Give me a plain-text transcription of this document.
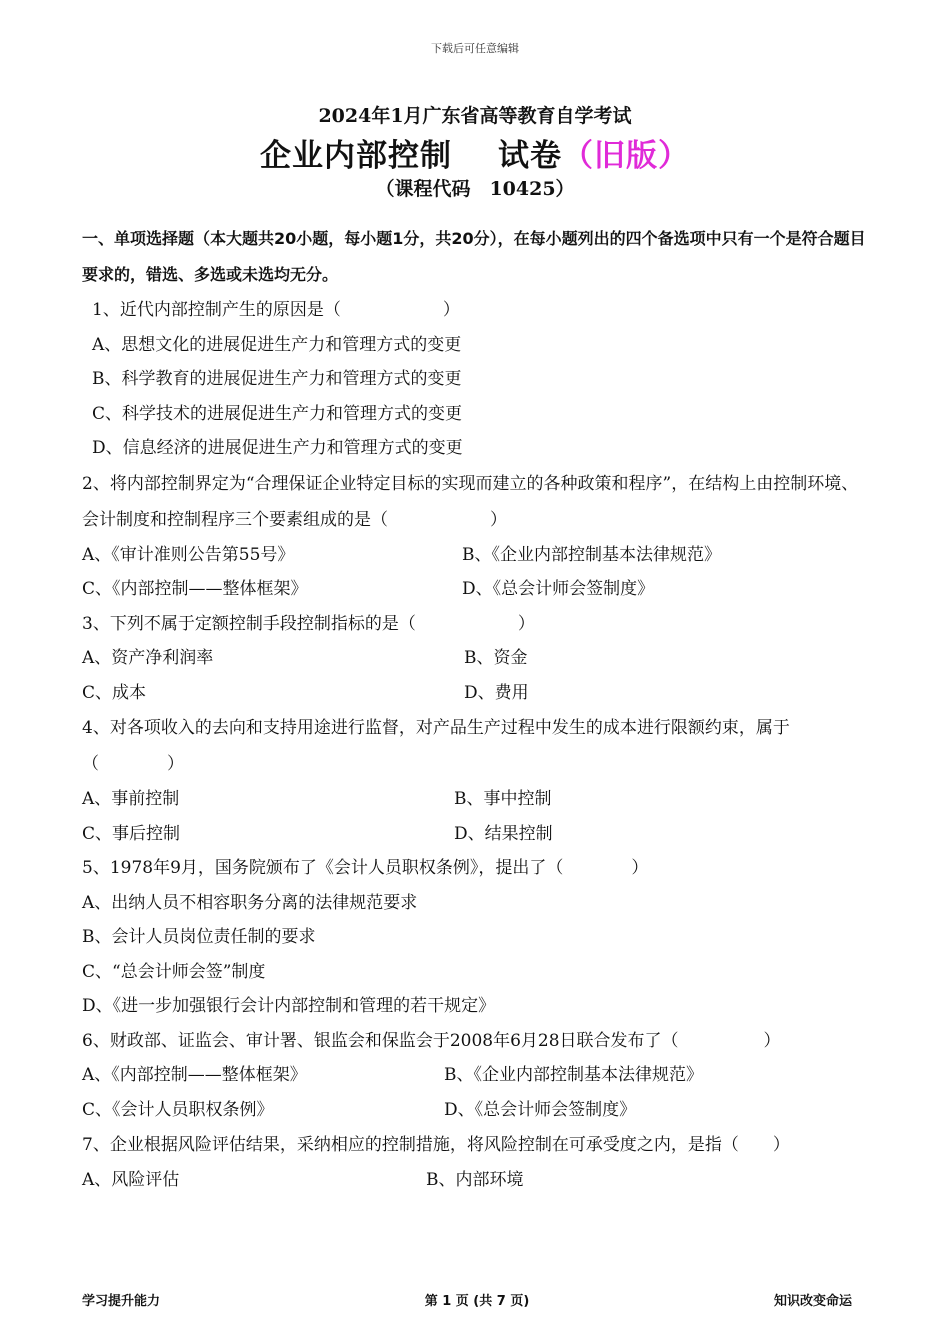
下载后可任意编辑
2024年1月广东省高等教育自学考试
企业内部控制 试卷（旧版）
（课程代码　10425）
一、单项选择题（本大题共20小题，每小题1分，共20分），在每小题列出的四个备选项中只有一个是符合题目要求的，错选、多选或未选均无分。
1、近代内部控制产生的原因是（　　　　　　）
A、思想文化的进展促进生产力和管理方式的变更
B、科学教育的进展促进生产力和管理方式的变更
C、科学技术的进展促进生产力和管理方式的变更
D、信息经济的进展促进生产力和管理方式的变更
2、将内部控制界定为“合理保证企业特定目标的实现而建立的各种政策和程序”，在结构上由控制环境、会计制度和控制程序三个要素组成的是（　　　　　　）
A、《审计准则公告第55号》	B、《企业内部控制基本法律规范》
C、《内部控制——整体框架》	D、《总会计师会签制度》
3、下列不属于定额控制手段控制指标的是（　　　　　　）
A、资产净利润率	B、资金
C、成本	D、费用
4、对各项收入的去向和支持用途进行监督，对产品生产过程中发生的成本进行限额约束，属于（　　　　）
A、事前控制	B、事中控制
C、事后控制	D、结果控制
5、1978年9月，国务院颁布了《会计人员职权条例》，提出了（　　　　）
A、出纳人员不相容职务分离的法律规范要求
B、会计人员岗位责任制的要求
C、“总会计师会签”制度
D、《进一步加强银行会计内部控制和管理的若干规定》
6、财政部、证监会、审计署、银监会和保监会于2008年6月28日联合发布了（　　　　　）
A、《内部控制——整体框架》	B、《企业内部控制基本法律规范》
C、《会计人员职权条例》	D、《总会计师会签制度》
7、企业根据风险评估结果，采纳相应的控制措施，将风险控制在可承受度之内，是指（　　）
A、风险评估	B、内部环境
学习提升能力	第 1 页 (共 7 页)	知识改变命运
